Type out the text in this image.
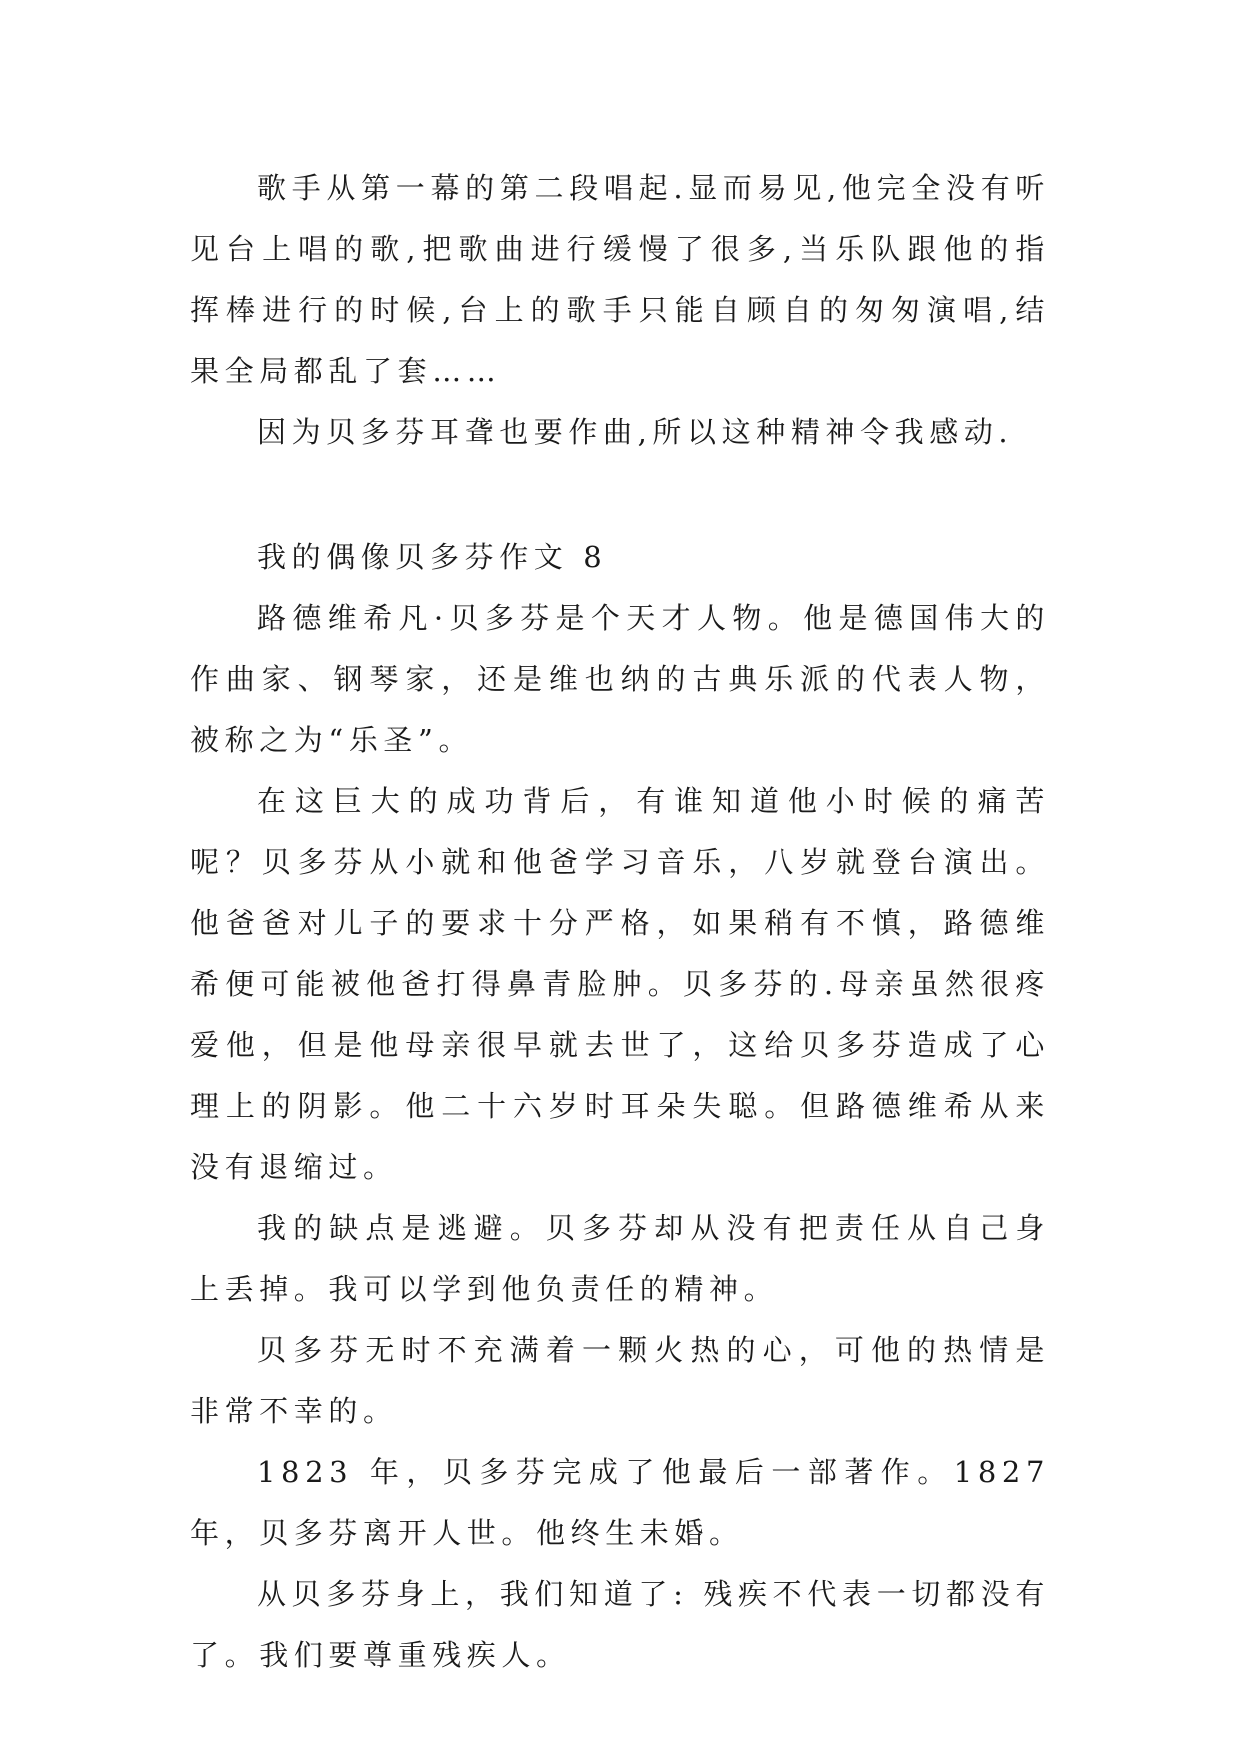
歌手从第一幕的第二段唱起.显而易见,他完全没有听见台上唱的歌,把歌曲进行缓慢了很多,当乐队跟他的指挥棒进行的时候,台上的歌手只能自顾自的匆匆演唱,结果全局都乱了套……

因为贝多芬耳聋也要作曲,所以这种精神令我感动.

我的偶像贝多芬作文 8

路德维希凡·贝多芬是个天才人物。他是德国伟大的作曲家、钢琴家，还是维也纳的古典乐派的代表人物，被称之为“乐圣”。

在这巨大的成功背后，有谁知道他小时候的痛苦呢？贝多芬从小就和他爸学习音乐，八岁就登台演出。他爸爸对儿子的要求十分严格，如果稍有不慎，路德维希便可能被他爸打得鼻青脸肿。贝多芬的.母亲虽然很疼爱他，但是他母亲很早就去世了，这给贝多芬造成了心理上的阴影。他二十六岁时耳朵失聪。但路德维希从来没有退缩过。

我的缺点是逃避。贝多芬却从没有把责任从自己身上丢掉。我可以学到他负责任的精神。

贝多芬无时不充满着一颗火热的心，可他的热情是非常不幸的。

1823 年，贝多芬完成了他最后一部著作。1827 年，贝多芬离开人世。他终生未婚。

从贝多芬身上，我们知道了: 残疾不代表一切都没有了。我们要尊重残疾人。
